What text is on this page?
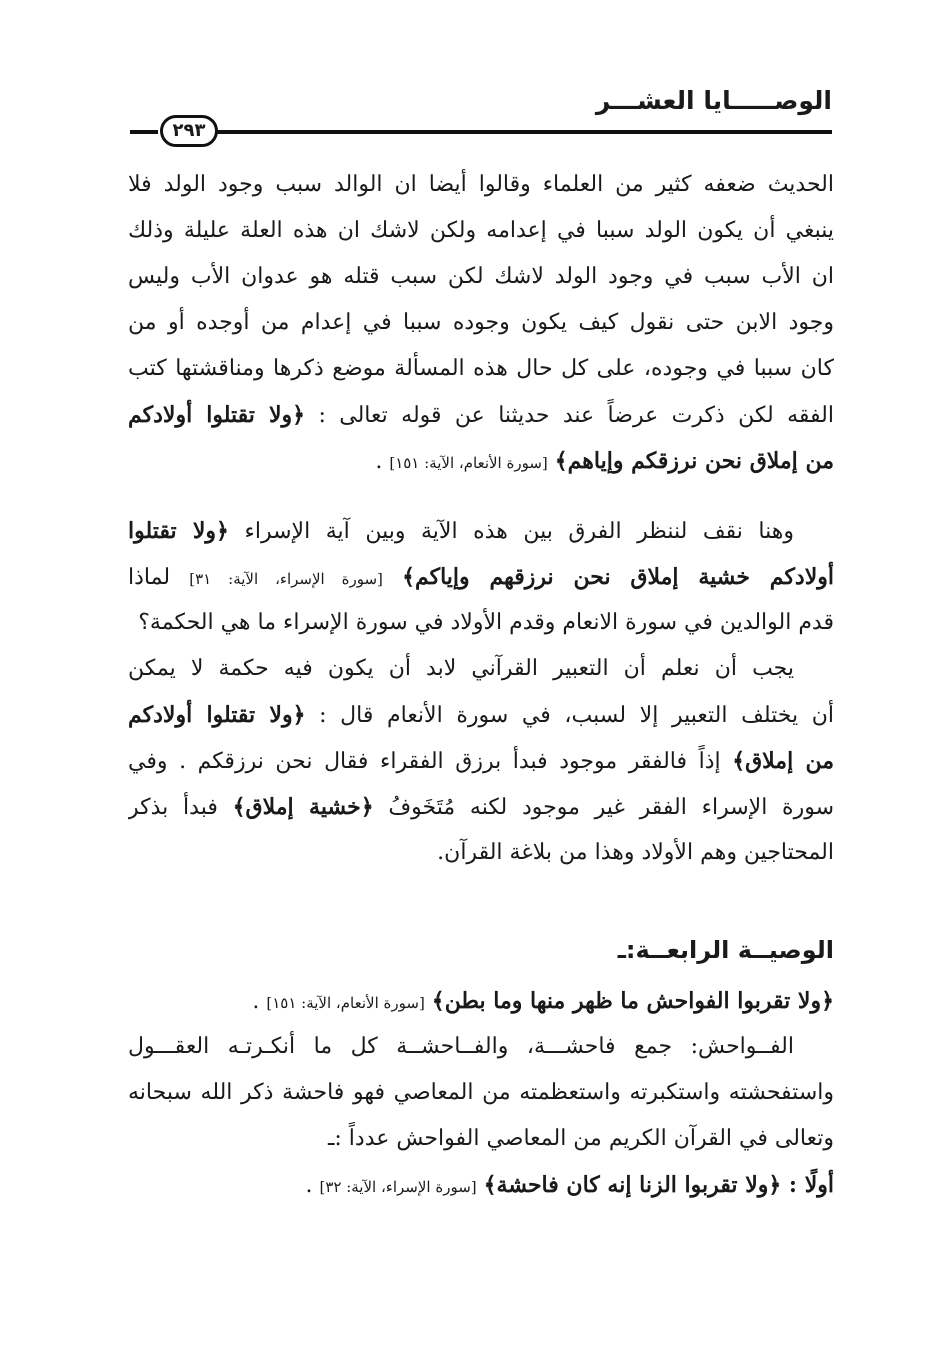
الوصـــــايا العشـــر
٢٩٣
الحديث ضعفه كثير من العلماء وقالوا أيضا ان الوالد سبب وجود الولد فلا
ينبغي أن يكون الولد سببا في إعدامه ولكن لاشك ان هذه العلة عليلة وذلك
ان الأب سبب في وجود الولد لاشك لكن سبب قتله هو عدوان الأب وليس
وجود الابن حتى نقول كيف يكون وجوده سببا في إعدام من أوجده أو من
كان سببا في وجوده، على كل حال هذه المسألة موضع ذكرها ومناقشتها كتب
الفقه لكن ذكرت عرضاً عند حديثنا عن قوله تعالى : ﴿ولا تقتلوا أولادكم
من إملاق نحن نرزقكم وإياهم﴾ [سورة الأنعام، الآية: ١٥١] .
وهنا نقف لننظر الفرق بين هذه الآية وبين آية الإسراء ﴿ولا تقتلوا
أولادكم خشية إملاق نحن نرزقهم وإياكم﴾ [سورة الإسراء، الآية: ٣١] لماذا
قدم الوالدين في سورة الانعام وقدم الأولاد في سورة الإسراء ما هي الحكمة؟
يجب أن نعلم أن التعبير القرآني لابد أن يكون فيه حكمة لا يمكن
أن يختلف التعبير إلا لسبب، في سورة الأنعام قال : ﴿ولا تقتلوا أولادكم
من إملاق﴾ إذاً فالفقر موجود فبدأ برزق الفقراء فقال نحن نرزقكم . وفي
سورة الإسراء الفقر غير موجود لكنه مُتَخَوفُ ﴿خشية إملاق﴾ فبدأ بذكر
المحتاجين وهم الأولاد وهذا من بلاغة القرآن.
الوصيــة الرابعــة:ـ
﴿ولا تقربوا الفواحش ما ظهر منها وما بطن﴾ [سورة الأنعام، الآية: ١٥١] .
الفــواحش: جمع فاحشـــة، والفــاحشــة كل ما أنكـرتـه العقـــول
واستفحشته واستكبرته واستعظمته من المعاصي فهو فاحشة ذكر الله سبحانه
وتعالى في القرآن الكريم من المعاصي الفواحش عدداً :ـ
أولًا : ﴿ولا تقربوا الزنا إنه كان فاحشة﴾ [سورة الإسراء، الآية: ٣٢] .
